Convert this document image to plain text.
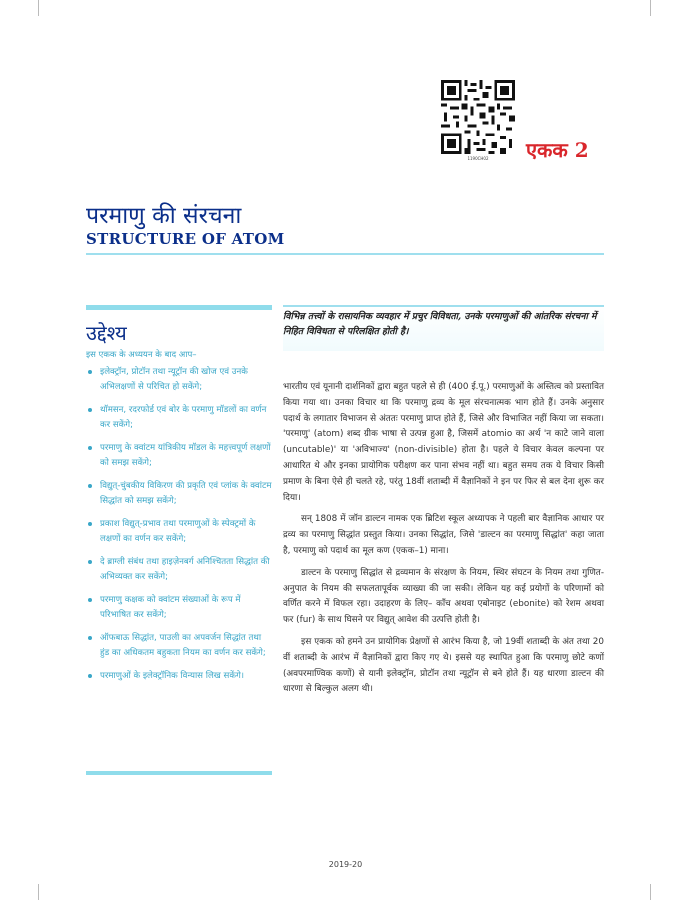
1190CH02	एकक 2
परमाणु की संरचना
STRUCTURE OF ATOM
उद्देश्य
इस एकक के अध्ययन के बाद आप–
इलेक्ट्रॉन, प्रोटॉन तथा न्यूट्रॉन की खोज एवं उनके अभिलक्षणों से परिचित हो सकेंगे;
थॉमसन, रदरफोर्ड एवं बोर के परमाणु मॉडलों का वर्णन कर सकेंगे;
परमाणु के क्वांटम यांत्रिकीय मॉडल के महत्त्वपूर्ण लक्षणों को समझ सकेंगे;
विद्युत्-चुंबकीय विकिरण की प्रकृति एवं प्लांक के क्वांटम सिद्धांत को समझ सकेंगे;
प्रकाश विद्युत्-प्रभाव तथा परमाणुओं के स्पेक्ट्रमों के लक्षणों का वर्णन कर सकेंगे;
दे ब्राग्ली संबंध तथा हाइज़ेनबर्ग अनिश्चितता सिद्धांत की अभिव्यक्त कर सकेंगे;
परमाणु कक्षक को क्वांटम संख्याओं के रूप में परिभाषित कर सकेंगे;
ऑफबाऊ सिद्धांत, पाउली का अपवर्जन सिद्धांत तथा हुंड का अधिकतम बहुकता नियम का वर्णन कर सकेंगे;
परमाणुओं के इलेक्ट्रॉनिक विन्यास लिख सकेंगे।
विभिन्न तत्त्वों के रासायनिक व्यवहार में प्रचुर विविधता, उनके परमाणुओं की आंतरिक संरचना में निहित विविधता से परिलक्षित होती है।

भारतीय एवं यूनानी दार्शनिकों द्वारा बहुत पहले से ही (400 ई.पू.) परमाणुओं के अस्तित्व को प्रस्तावित किया गया था। उनका विचार था कि परमाणु द्रव्य के मूल संरचनात्मक भाग होते हैं। उनके अनुसार पदार्थ के लगातार विभाजन से अंततः परमाणु प्राप्त होते हैं, जिसे और विभाजित नहीं किया जा सकता। 'परमाणु' (atom) शब्द ग्रीक भाषा से उत्पन्न हुआ है, जिसमें atomio का अर्थ 'न काटे जाने वाला (uncutable)' या 'अविभाज्य' (non-divisible) होता है। पहले ये विचार केवल कल्पना पर आधारित थे और इनका प्रायोगिक परीक्षण कर पाना संभव नहीं था। बहुत समय तक ये विचार किसी प्रमाण के बिना ऐसे ही चलते रहे, परंतु 18वीं शताब्दी में वैज्ञानिकों ने इन पर फिर से बल देना शुरू कर दिया।

सन् 1808 में जॉन डाल्टन नामक एक ब्रिटिश स्कूल अध्यापक ने पहली बार वैज्ञानिक आधार पर द्रव्य का परमाणु सिद्धांत प्रस्तुत किया। उनका सिद्धांत, जिसे 'डाल्टन का परमाणु सिद्धांत' कहा जाता है, परमाणु को पदार्थ का मूल कण (एकक–1) माना।

डाल्टन के परमाणु सिद्धांत से द्रव्यमान के संरक्षण के नियम, स्थिर संघटन के नियम तथा गुणित-अनुपात के नियम की सफलतापूर्वक व्याख्या की जा सकी। लेकिन यह कई प्रयोगों के परिणामों को वर्णित करने में विफल रहा। उदाहरण के लिए– काँच अथवा एबोनाइट (ebonite) को रेशम अथवा फर (fur) के साथ घिसने पर विद्युत् आवेश की उत्पत्ति होती है।

इस एकक को हमने उन प्रायोगिक प्रेक्षणों से आरंभ किया है, जो 19वीं शताब्दी के अंत तथा 20 वीं शताब्दी के आरंभ में वैज्ञानिकों द्वारा किए गए थे। इससे यह स्थापित हुआ कि परमाणु छोटे कणों (अवपरमाण्विक कणों) से यानी इलेक्ट्रॉन, प्रोटॉन तथा न्यूट्रॉन से बने होते हैं। यह धारणा डाल्टन की धारणा से बिल्कुल अलग थी।

2019-20
